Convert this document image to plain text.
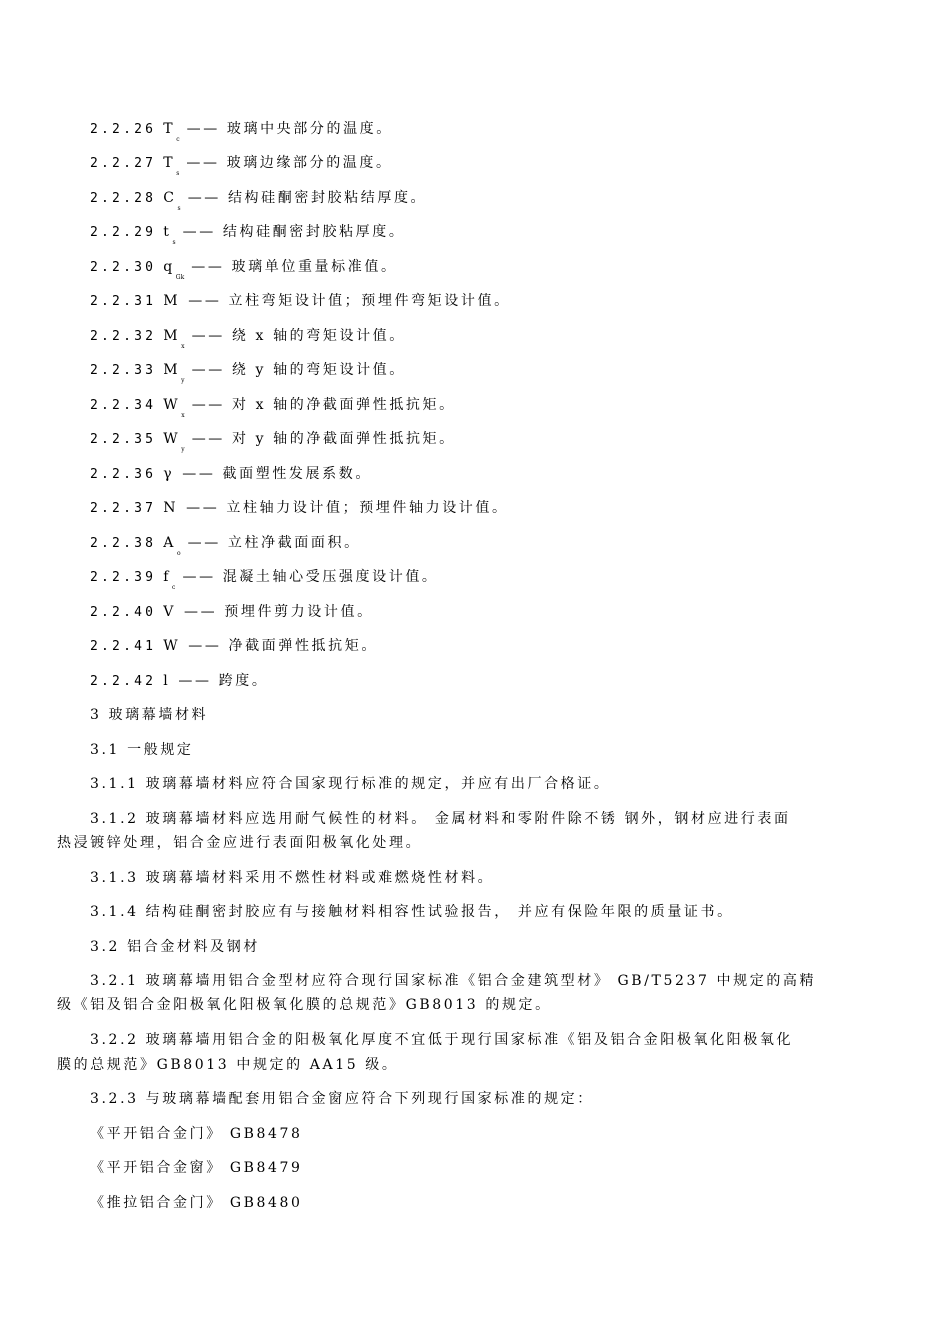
2.2.26 $T_c$ —— 玻璃中央部分的温度。
2.2.27 $T_s$ —— 玻璃边缘部分的温度。
2.2.28 $C_s$ —— 结构硅酮密封胶粘结厚度。
2.2.29 $t_s$ —— 结构硅酮密封胶粘厚度。
2.2.30 $q_{Gk}$ —— 玻璃单位重量标准值。
2.2.31 M —— 立柱弯矩设计值；预埋件弯矩设计值。
2.2.32 $M_x$ —— 绕 x 轴的弯矩设计值。
2.2.33 $M_y$ —— 绕 y 轴的弯矩设计值。
2.2.34 $W_x$ —— 对 x 轴的净截面弹性抵抗矩。
2.2.35 $W_y$ —— 对 y 轴的净截面弹性抵抗矩。
2.2.36 γ —— 截面塑性发展系数。
2.2.37 N —— 立柱轴力设计值；预埋件轴力设计值。
2.2.38 $A_o$ —— 立柱净截面面积。
2.2.39 $f_c$ —— 混凝土轴心受压强度设计值。
2.2.40 V —— 预埋件剪力设计值。
2.2.41 W —— 净截面弹性抵抗矩。
2.2.42 l —— 跨度。
3 玻璃幕墙材料
3.1 一般规定
3.1.1 玻璃幕墙材料应符合国家现行标准的规定，并应有出厂合格证。
3.1.2 玻璃幕墙材料应选用耐气候性的材料。 金属材料和零附件除不锈 钢外，钢材应进行表面
热浸镀锌处理，铝合金应进行表面阳极氧化处理。
3.1.3 玻璃幕墙材料采用不燃性材料或难燃烧性材料。
3.1.4 结构硅酮密封胶应有与接触材料相容性试验报告， 并应有保险年限的质量证书。
3.2 铝合金材料及钢材
3.2.1 玻璃幕墙用铝合金型材应符合现行国家标准《铝合金建筑型材》 GB/T5237 中规定的高精
级《铝及铝合金阳极氧化阳极氧化膜的总规范》GB8013 的规定。
3.2.2 玻璃幕墙用铝合金的阳极氧化厚度不宜低于现行国家标准《铝及铝合金阳极氧化阳极氧化
膜的总规范》GB8013 中规定的 AA15 级。
3.2.3 与玻璃幕墙配套用铝合金窗应符合下列现行国家标准的规定：
《平开铝合金门》 GB8478
《平开铝合金窗》 GB8479
《推拉铝合金门》 GB8480
